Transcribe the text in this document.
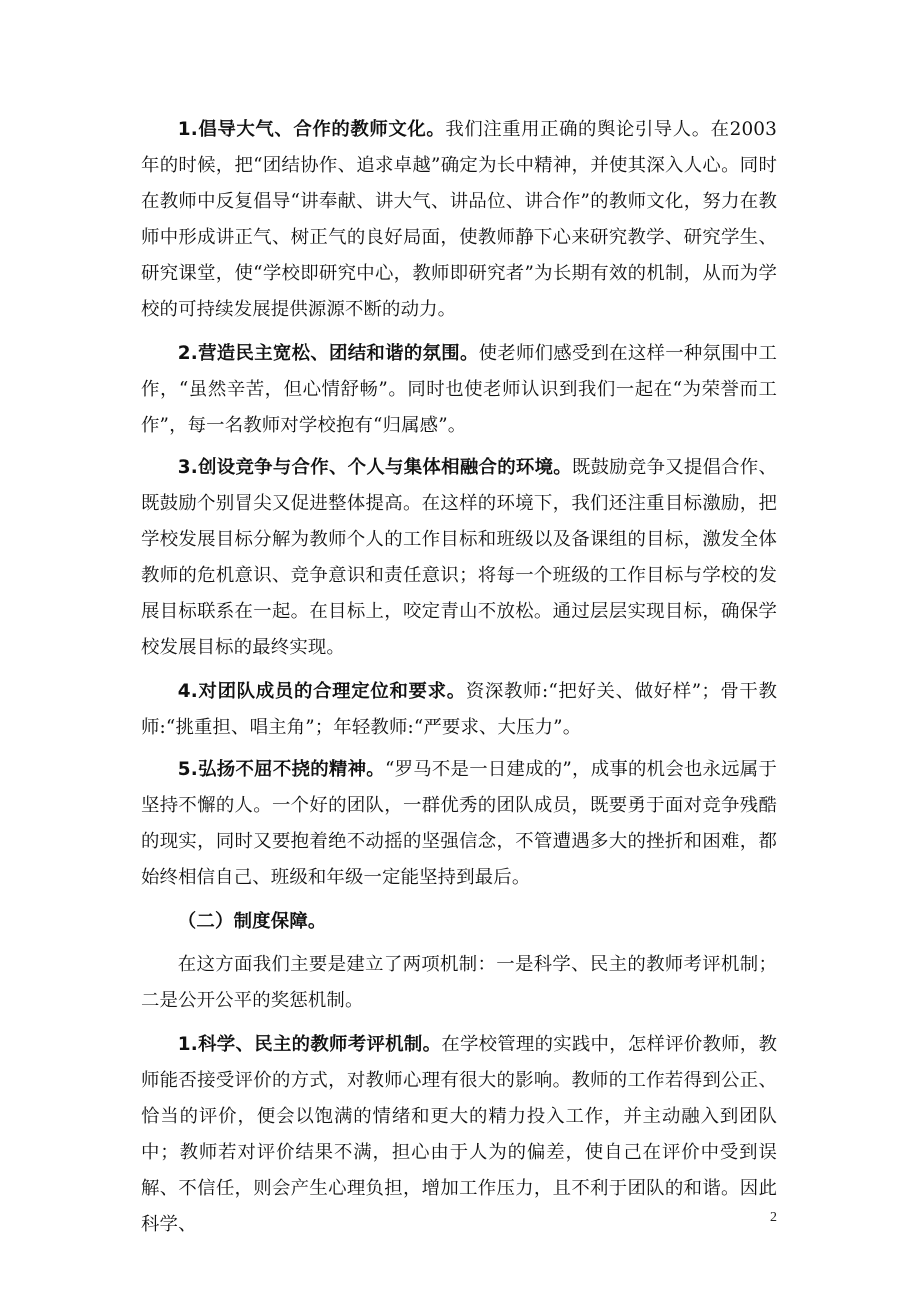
1.倡导大气、合作的教师文化。我们注重用正确的舆论引导人。在2003年的时候，把“团结协作、追求卓越”确定为长中精神，并使其深入人心。同时在教师中反复倡导“讲奉献、讲大气、讲品位、讲合作”的教师文化，努力在教师中形成讲正气、树正气的良好局面，使教师静下心来研究教学、研究学生、研究课堂，使“学校即研究中心，教师即研究者”为长期有效的机制，从而为学校的可持续发展提供源源不断的动力。

2.营造民主宽松、团结和谐的氛围。使老师们感受到在这样一种氛围中工作，“虽然辛苦，但心情舒畅”。同时也使老师认识到我们一起在“为荣誉而工作”，每一名教师对学校抱有“归属感”。

3.创设竞争与合作、个人与集体相融合的环境。既鼓励竞争又提倡合作、既鼓励个别冒尖又促进整体提高。在这样的环境下，我们还注重目标激励，把学校发展目标分解为教师个人的工作目标和班级以及备课组的目标，激发全体教师的危机意识、竞争意识和责任意识；将每一个班级的工作目标与学校的发展目标联系在一起。在目标上，咬定青山不放松。通过层层实现目标，确保学校发展目标的最终实现。

4.对团队成员的合理定位和要求。资深教师:“把好关、做好样”；骨干教师:“挑重担、唱主角”；年轻教师:“严要求、大压力”。

5.弘扬不屈不挠的精神。“罗马不是一日建成的”，成事的机会也永远属于坚持不懈的人。一个好的团队，一群优秀的团队成员，既要勇于面对竞争残酷的现实，同时又要抱着绝不动摇的坚强信念，不管遭遇多大的挫折和困难，都始终相信自己、班级和年级一定能坚持到最后。

（二）制度保障。

在这方面我们主要是建立了两项机制：一是科学、民主的教师考评机制；二是公开公平的奖惩机制。

1.科学、民主的教师考评机制。在学校管理的实践中，怎样评价教师，教师能否接受评价的方式，对教师心理有很大的影响。教师的工作若得到公正、恰当的评价，便会以饱满的情绪和更大的精力投入工作，并主动融入到团队中；教师若对评价结果不满，担心由于人为的偏差，使自己在评价中受到误解、不信任，则会产生心理负担，增加工作压力，且不利于团队的和谐。因此科学、	2
